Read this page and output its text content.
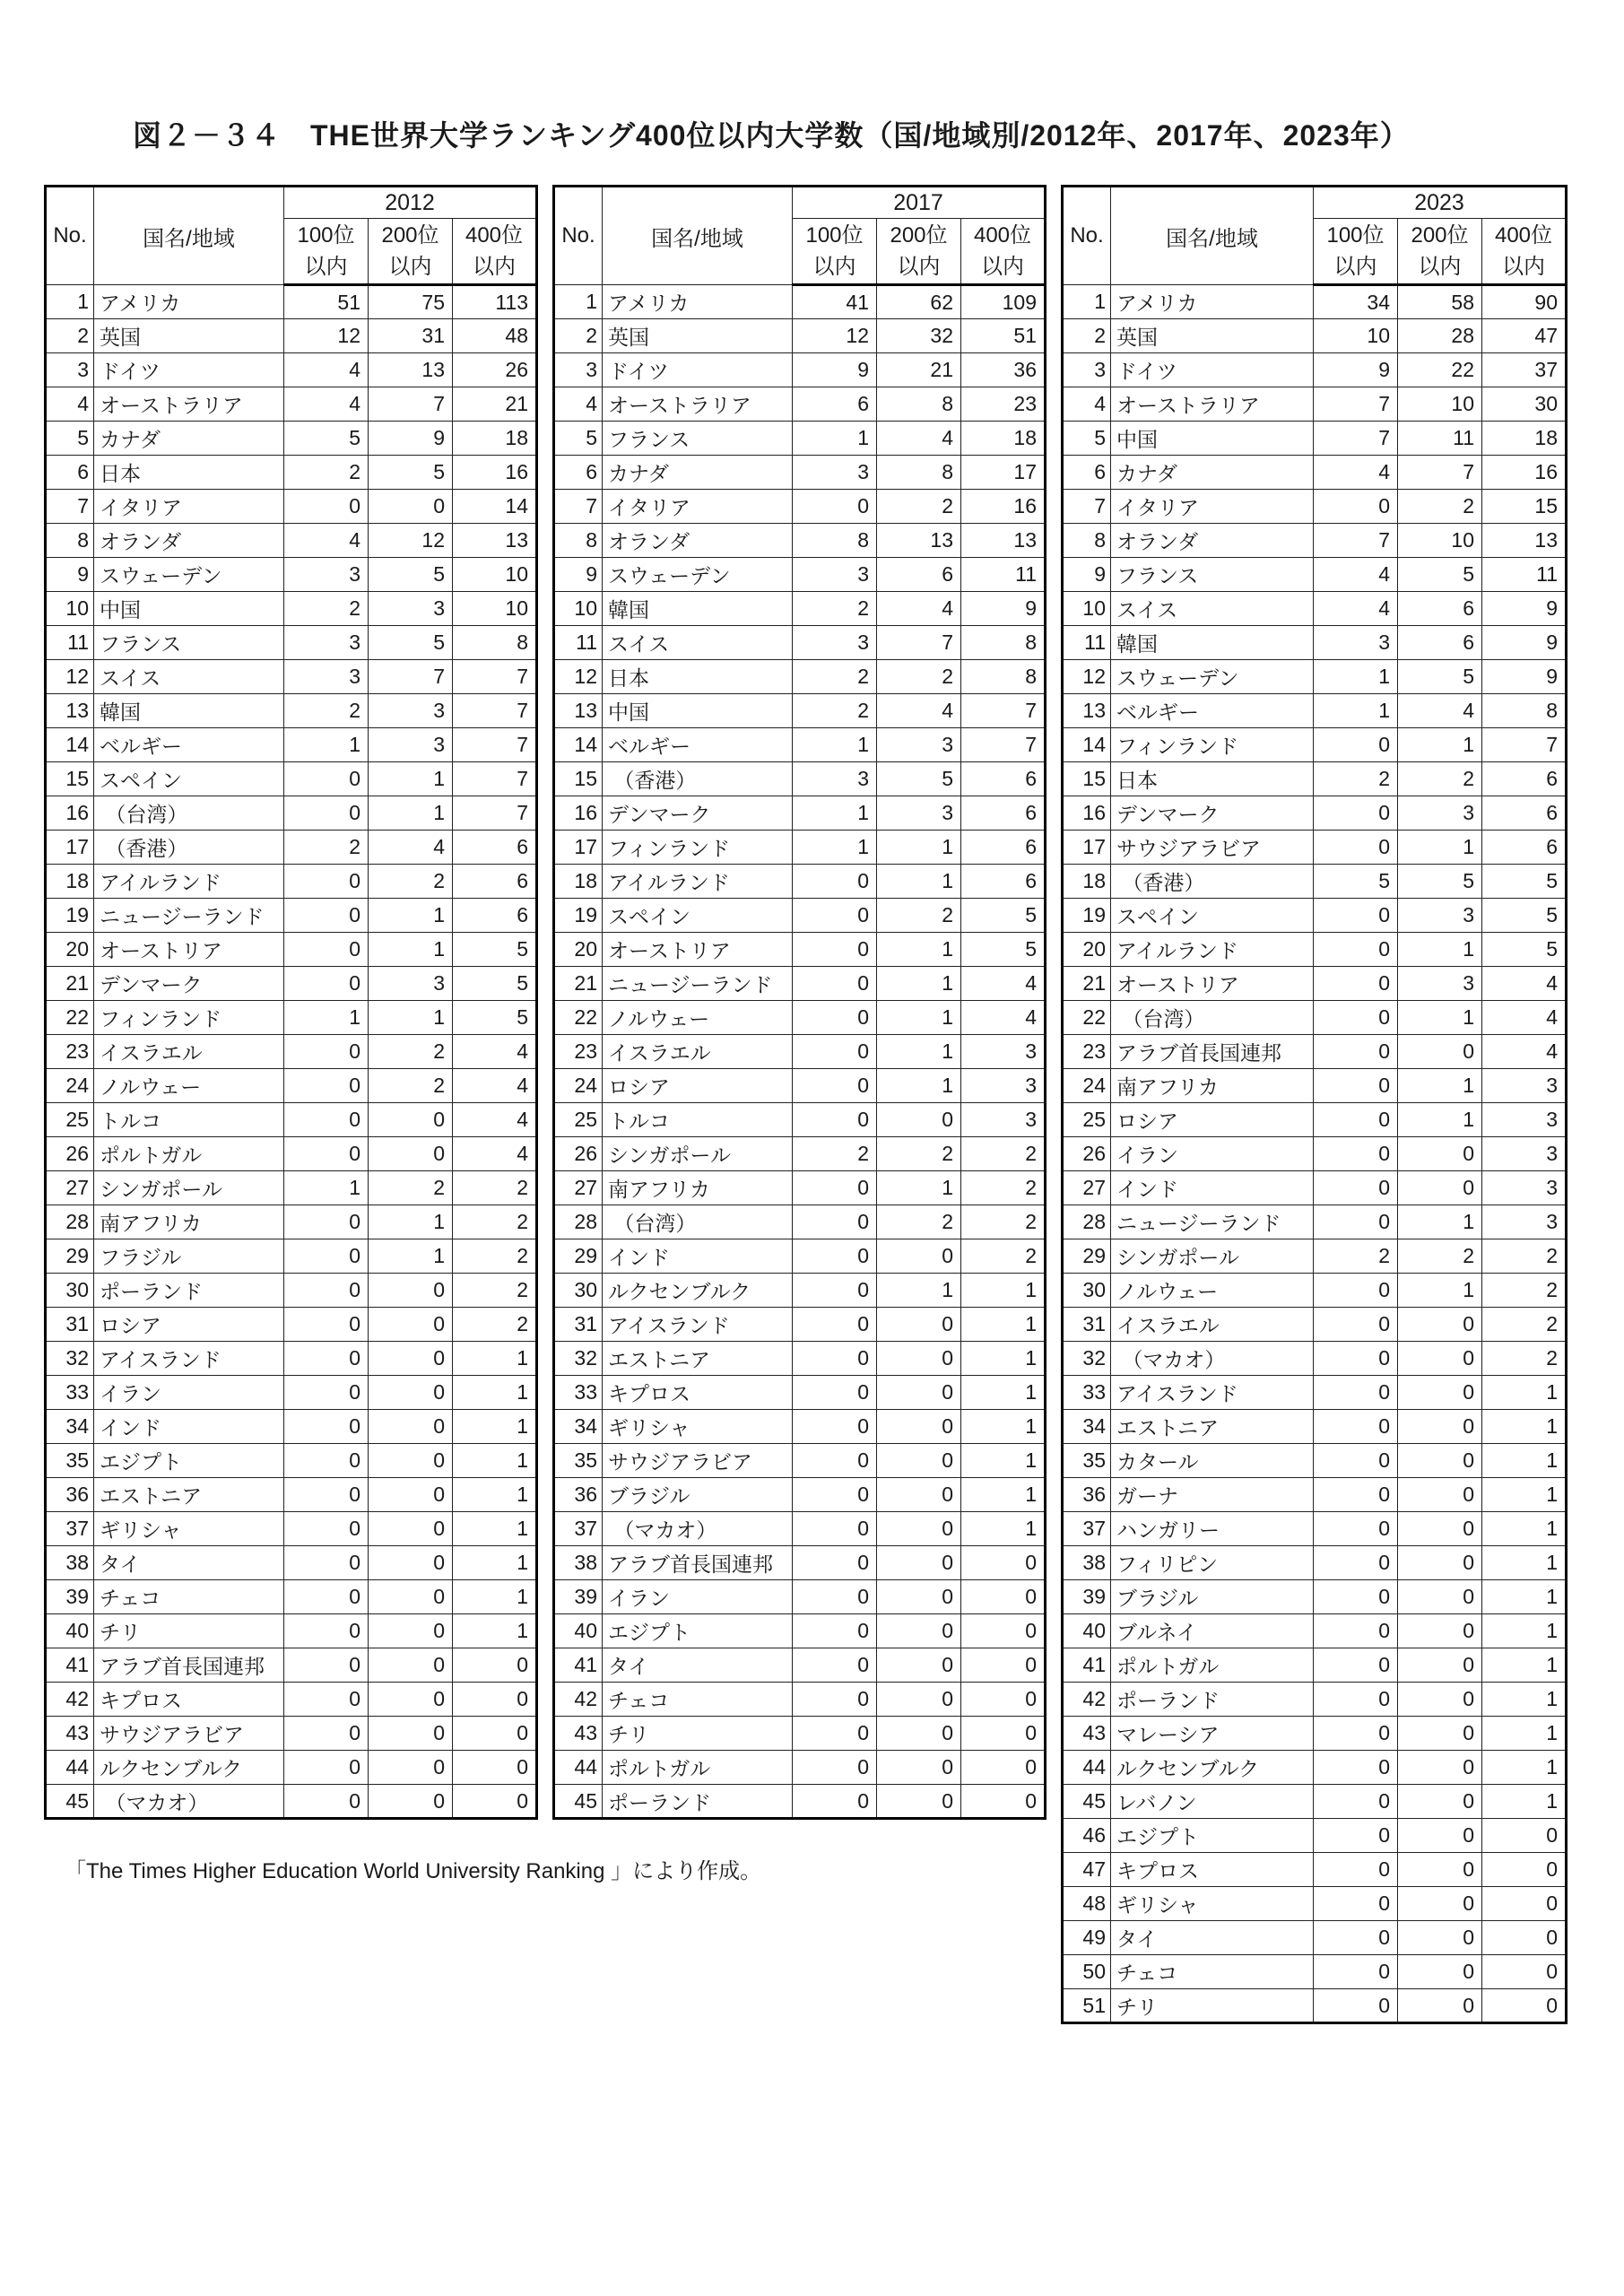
図２－３４　THE世界大学ランキング400位以内大学数（国/地域別/2012年、2017年、2023年）
No.	国名/地域	2012		

100位
以内

200位
以内

400位
以内

1	アメリカ	51	75	113
2	英国	12	31	48
3	ドイツ	4	13	26
4	オーストラリア	4	7	21
5	カナダ	5	9	18
6	日本	2	5	16
7	イタリア	0	0	14
8	オランダ	4	12	13
9	スウェーデン	3	5	10
10	中国	2	3	10
11	フランス	3	5	8
12	スイス	3	7	7
13	韓国	2	3	7
14	ベルギー	1	3	7
15	スペイン	0	1	7
16	（台湾）	0	1	7
17	（香港）	2	4	6
18	アイルランド	0	2	6
19	ニュージーランド	0	1	6
20	オーストリア	0	1	5
21	デンマーク	0	3	5
22	フィンランド	1	1	5
23	イスラエル	0	2	4
24	ノルウェー	0	2	4
25	トルコ	0	0	4
26	ポルトガル	0	0	4
27	シンガポール	1	2	2
28	南アフリカ	0	1	2
29	フラジル	0	1	2
30	ポーランド	0	0	2
31	ロシア	0	0	2
32	アイスランド	0	0	1
33	イラン	0	0	1
34	インド	0	0	1
35	エジプト	0	0	1
36	エストニア	0	0	1
37	ギリシャ	0	0	1
38	タイ	0	0	1
39	チェコ	0	0	1
40	チリ	0	0	1
41	アラブ首長国連邦	0	0	0
42	キプロス	0	0	0
43	サウジアラビア	0	0	0
44	ルクセンブルク	0	0	0
45	（マカオ）	0	0	0
No.	国名/地域	2017		

100位
以内

200位
以内

400位
以内

1	アメリカ	41	62	109
2	英国	12	32	51
3	ドイツ	9	21	36
4	オーストラリア	6	8	23
5	フランス	1	4	18
6	カナダ	3	8	17
7	イタリア	0	2	16
8	オランダ	8	13	13
9	スウェーデン	3	6	11
10	韓国	2	4	9
11	スイス	3	7	8
12	日本	2	2	8
13	中国	2	4	7
14	ベルギー	1	3	7
15	（香港）	3	5	6
16	デンマーク	1	3	6
17	フィンランド	1	1	6
18	アイルランド	0	1	6
19	スペイン	0	2	5
20	オーストリア	0	1	5
21	ニュージーランド	0	1	4
22	ノルウェー	0	1	4
23	イスラエル	0	1	3
24	ロシア	0	1	3
25	トルコ	0	0	3
26	シンガポール	2	2	2
27	南アフリカ	0	1	2
28	（台湾）	0	2	2
29	インド	0	0	2
30	ルクセンブルク	0	1	1
31	アイスランド	0	0	1
32	エストニア	0	0	1
33	キプロス	0	0	1
34	ギリシャ	0	0	1
35	サウジアラビア	0	0	1
36	ブラジル	0	0	1
37	（マカオ）	0	0	1
38	アラブ首長国連邦	0	0	0
39	イラン	0	0	0
40	エジプト	0	0	0
41	タイ	0	0	0
42	チェコ	0	0	0
43	チリ	0	0	0
44	ポルトガル	0	0	0
45	ポーランド	0	0	0
No.	国名/地域	2023		

100位
以内

200位
以内

400位
以内

1	アメリカ	34	58	90
2	英国	10	28	47
3	ドイツ	9	22	37
4	オーストラリア	7	10	30
5	中国	7	11	18
6	カナダ	4	7	16
7	イタリア	0	2	15
8	オランダ	7	10	13
9	フランス	4	5	11
10	スイス	4	6	9
11	韓国	3	6	9
12	スウェーデン	1	5	9
13	ベルギー	1	4	8
14	フィンランド	0	1	7
15	日本	2	2	6
16	デンマーク	0	3	6
17	サウジアラビア	0	1	6
18	（香港）	5	5	5
19	スペイン	0	3	5
20	アイルランド	0	1	5
21	オーストリア	0	3	4
22	（台湾）	0	1	4
23	アラブ首長国連邦	0	0	4
24	南アフリカ	0	1	3
25	ロシア	0	1	3
26	イラン	0	0	3
27	インド	0	0	3
28	ニュージーランド	0	1	3
29	シンガポール	2	2	2
30	ノルウェー	0	1	2
31	イスラエル	0	0	2
32	（マカオ）	0	0	2
33	アイスランド	0	0	1
34	エストニア	0	0	1
35	カタール	0	0	1
36	ガーナ	0	0	1
37	ハンガリー	0	0	1
38	フィリピン	0	0	1
39	ブラジル	0	0	1
40	ブルネイ	0	0	1
41	ポルトガル	0	0	1
42	ポーランド	0	0	1
43	マレーシア	0	0	1
44	ルクセンブルク	0	0	1
45	レバノン	0	0	1
46	エジプト	0	0	0
47	キプロス	0	0	0
48	ギリシャ	0	0	0
49	タイ	0	0	0
50	チェコ	0	0	0
51	チリ	0	0	0
「The Times Higher Education World University Ranking 」により作成。
